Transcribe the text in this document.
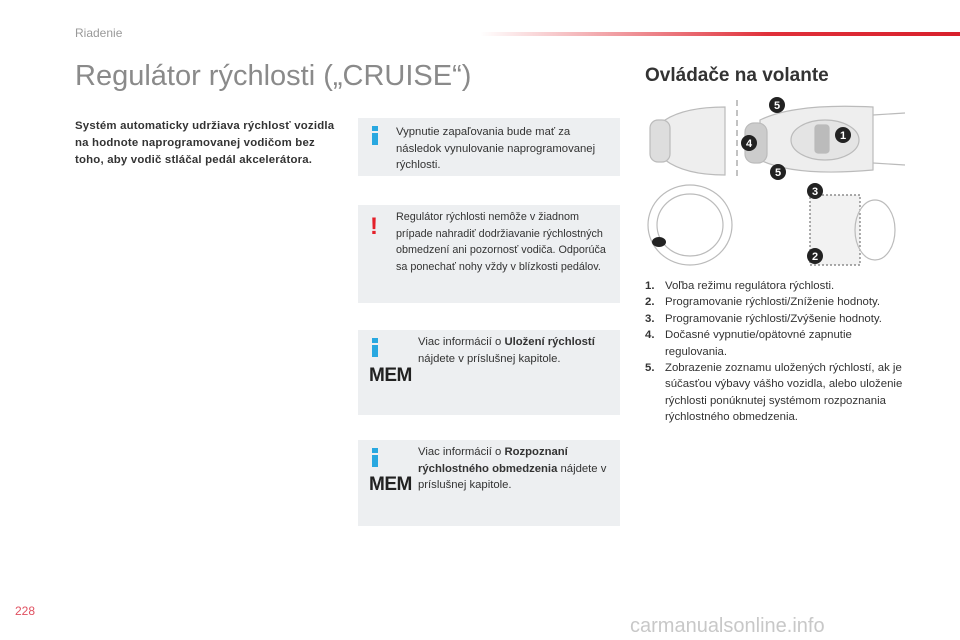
Riadenie
Regulátor rýchlosti („CRUISE“)
Systém automaticky udržiava rýchlosť vozidla na hodnote naprogramovanej vodičom bez toho, aby vodič stláčal pedál akcelerátora.
Vypnutie zapaľovania bude mať za následok vynulovanie naprogramovanej rýchlosti.
! Regulátor rýchlosti nemôže v žiadnom prípade nahradiť dodržiavanie rýchlostných obmedzení ani pozornosť vodiča. Odporúča sa ponechať nohy vždy v blízkosti pedálov.
MEM
Viac informácií o Uložení rýchlostí nájdete v príslušnej kapitole.
MEM
Viac informácií o Rozpoznaní rýchlostného obmedzenia nájdete v príslušnej kapitole.
Ovládače na volante
5
4
1
5
3
2
1. Voľba režimu regulátora rýchlosti.
2. Programovanie rýchlosti/Zníženie hodnoty.
3. Programovanie rýchlosti/Zvýšenie hodnoty.
4. Dočasné vypnutie/opätovné zapnutie regulovania.
5. Zobrazenie zoznamu uložených rýchlostí, ak je súčasťou výbavy vášho vozidla, alebo uloženie rýchlosti ponúknutej systémom rozpoznania rýchlostného obmedzenia.
228
carmanualsonline.info
